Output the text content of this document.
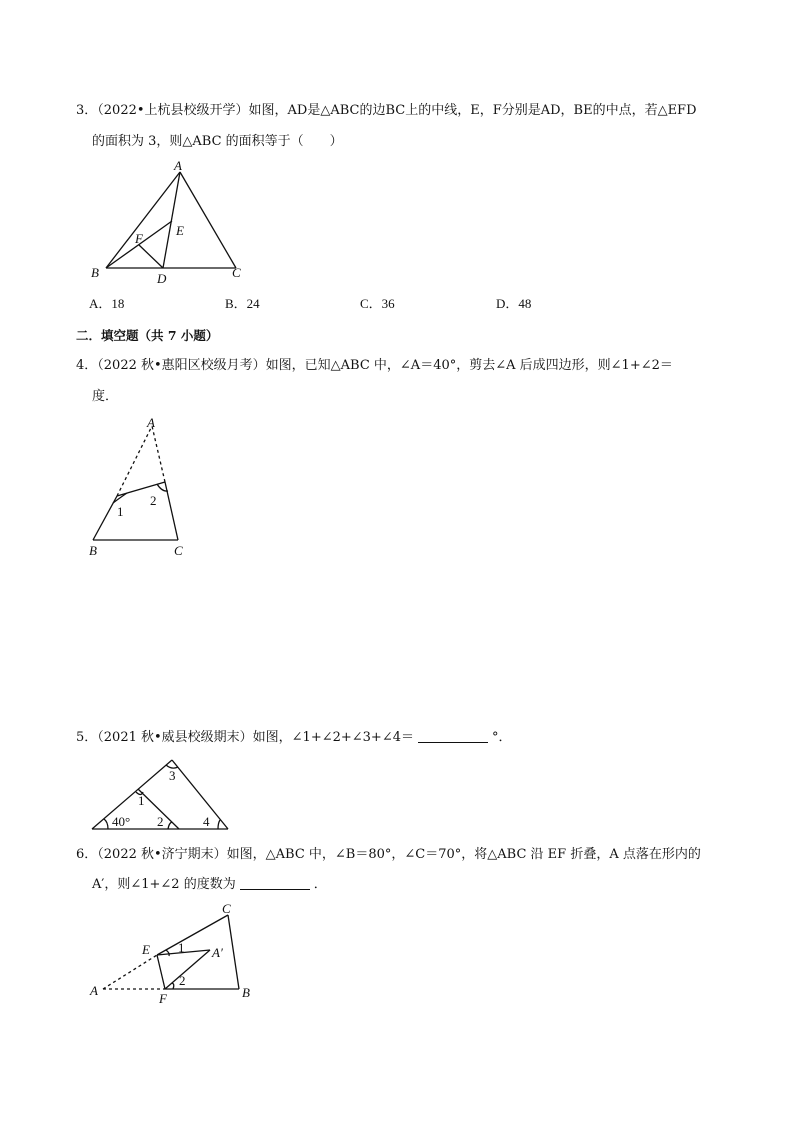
3．（2022•上杭县校级开学）如图，AD是△ABC的边BC上的中线，E，F分别是AD，BE的中点，若△EFD
的面积为 3，则△ABC 的面积等于（　　）
A
B	C
D
E
F
A．18	B．24	C．36	D．48
二．填空题（共 7 小题）
4．（2022 秋•惠阳区校级月考）如图，已知△ABC 中，∠A＝40°，剪去∠A 后成四边形，则∠1+∠2＝
度．
A
B	C
1
2
5．（2021 秋•威县校级期末）如图，∠1+∠2+∠3+∠4＝	°．
40°
1
2
3
4
6．（2022 秋•济宁期末）如图，△ABC 中，∠B＝80°，∠C＝70°，将△ABC 沿 EF 折叠，A 点落在形内的
A′，则∠1+∠2 的度数为	．
A
A′
B
C
E
F
1
2
